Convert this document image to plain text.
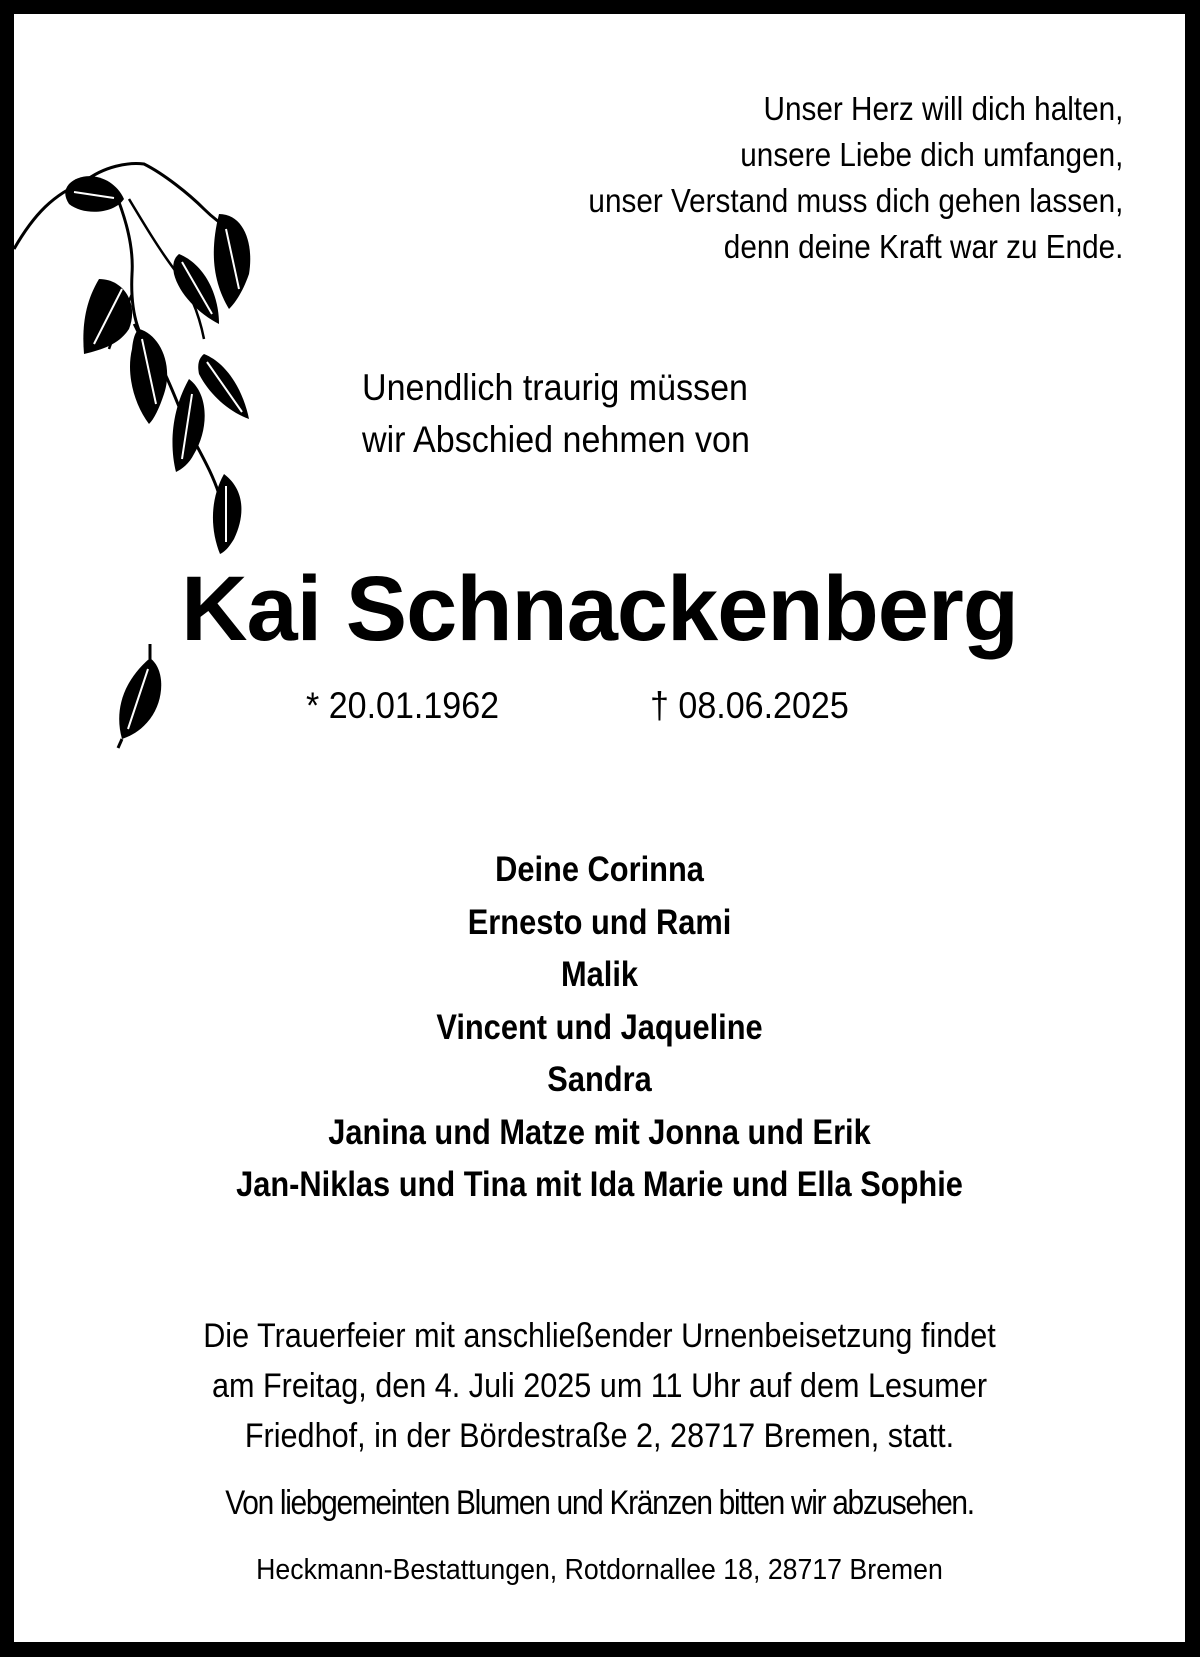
Unser Herz will dich halten,
unsere Liebe dich umfangen,
unser Verstand muss dich gehen lassen,
denn deine Kraft war zu Ende.
Unendlich traurig müssen
wir Abschied nehmen von
Kai Schnackenberg
* 20.01.1962	† 08.06.2025
Deine Corinna
Ernesto und Rami
Malik
Vincent und Jaqueline
Sandra
Janina und Matze mit Jonna und Erik
Jan-Niklas und Tina mit Ida Marie und Ella Sophie
Die Trauerfeier mit anschließender Urnenbeisetzung findet
am Freitag, den 4. Juli 2025 um 11 Uhr auf dem Lesumer
Friedhof, in der Bördestraße 2, 28717 Bremen, statt.
Von liebgemeinten Blumen und Kränzen bitten wir abzusehen.
Heckmann-Bestattungen, Rotdornallee 18, 28717 Bremen
